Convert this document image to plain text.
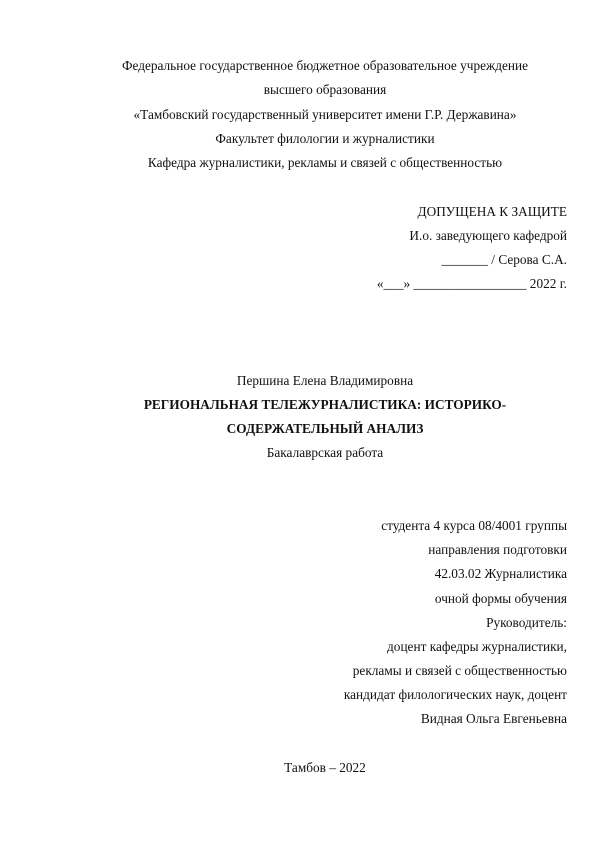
Федеральное государственное бюджетное образовательное учреждение
высшего образования
«Тамбовский государственный университет имени Г.Р. Державина»
Факультет филологии и журналистики
Кафедра журналистики, рекламы и связей с общественностью
ДОПУЩЕНА К ЗАЩИТЕ
И.о. заведующего кафедрой
_______ / Серова С.А.
«___» _________________ 2022 г.
Першина Елена Владимировна
РЕГИОНАЛЬНАЯ ТЕЛЕЖУРНАЛИСТИКА: ИСТОРИКО-
СОДЕРЖАТЕЛЬНЫЙ АНАЛИЗ
Бакалаврская работа
студента 4 курса 08/4001 группы
направления подготовки
42.03.02 Журналистика
очной формы обучения
Руководитель:
доцент кафедры журналистики,
рекламы и связей с общественностью
кандидат филологических наук, доцент
Видная Ольга Евгеньевна
Тамбов – 2022
